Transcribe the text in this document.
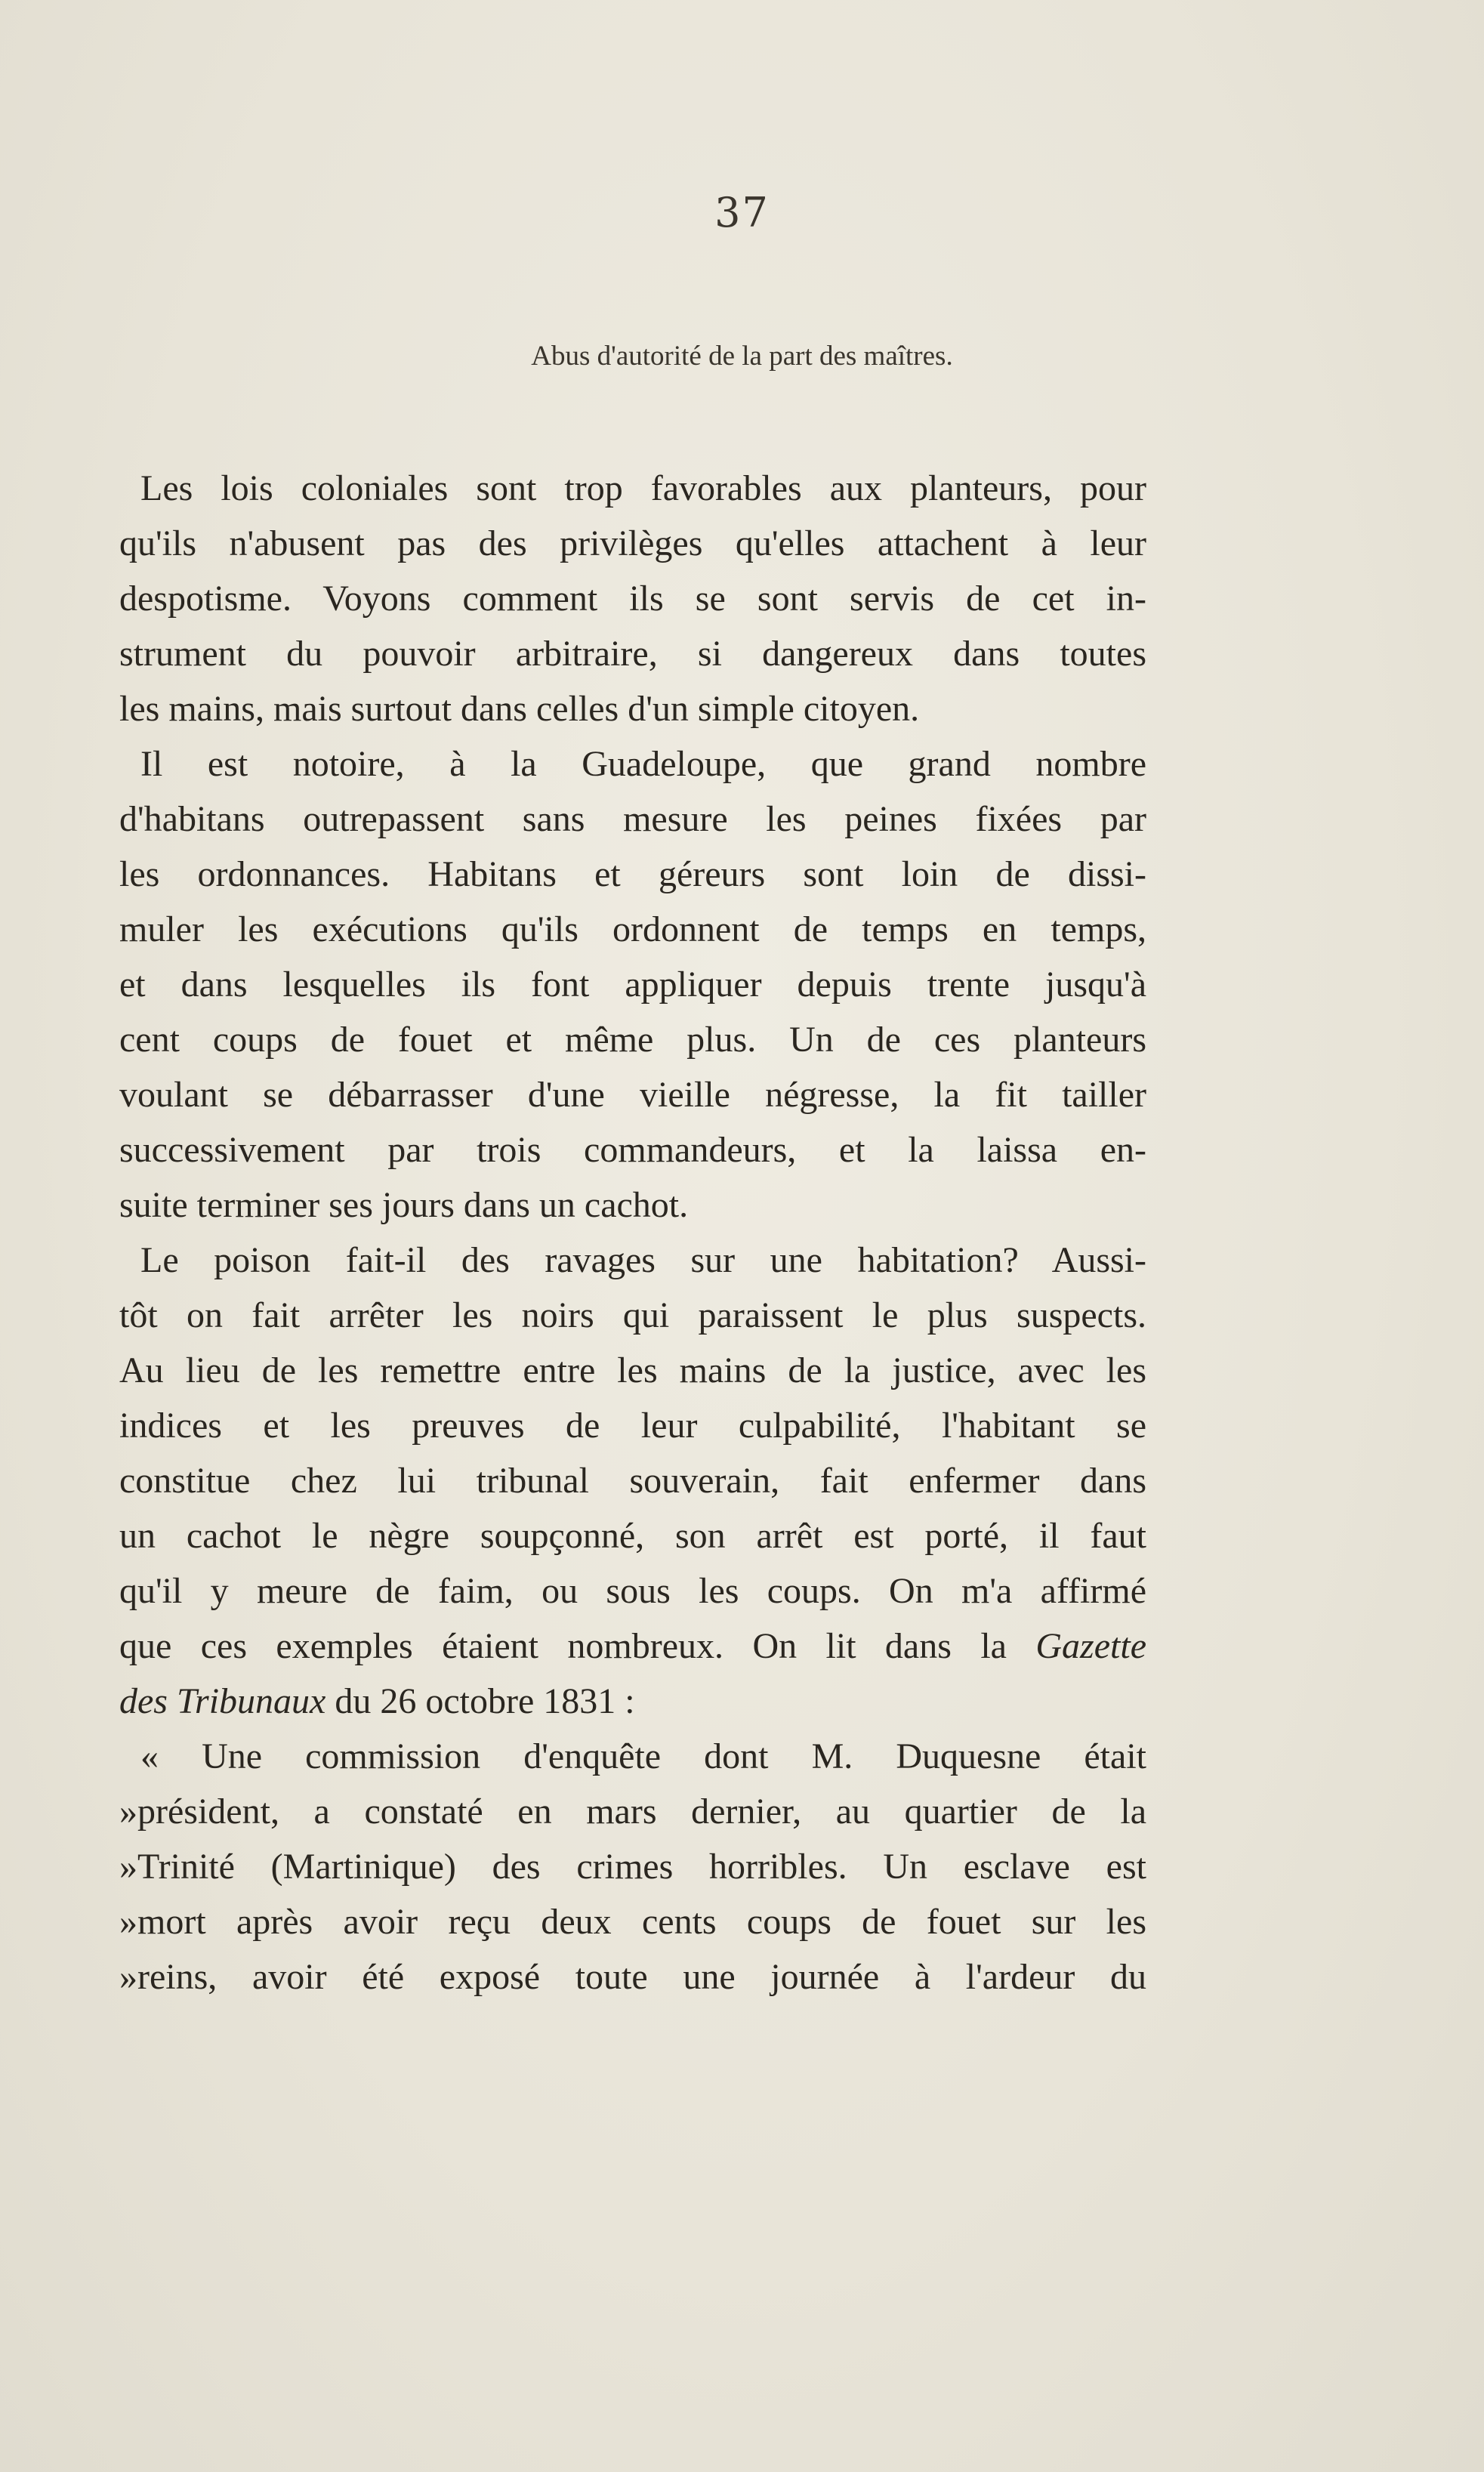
37
Abus d'autorité de la part des maîtres.
Les lois coloniales sont trop favorables aux planteurs, pour
qu'ils n'abusent pas des privilèges qu'elles attachent à leur
despotisme. Voyons comment ils se sont servis de cet in-
strument du pouvoir arbitraire, si dangereux dans toutes
les mains, mais surtout dans celles d'un simple citoyen.
Il est notoire, à la Guadeloupe, que grand nombre
d'habitans outrepassent sans mesure les peines fixées par
les ordonnances. Habitans et géreurs sont loin de dissi-
muler les exécutions qu'ils ordonnent de temps en temps,
et dans lesquelles ils font appliquer depuis trente jusqu'à
cent coups de fouet et même plus. Un de ces planteurs
voulant se débarrasser d'une vieille négresse, la fit tailler
successivement par trois commandeurs, et la laissa en-
suite terminer ses jours dans un cachot.
Le poison fait-il des ravages sur une habitation? Aussi-
tôt on fait arrêter les noirs qui paraissent le plus suspects.
Au lieu de les remettre entre les mains de la justice, avec les
indices et les preuves de leur culpabilité, l'habitant se
constitue chez lui tribunal souverain, fait enfermer dans
un cachot le nègre soupçonné, son arrêt est porté, il faut
qu'il y meure de faim, ou sous les coups. On m'a affirmé
que ces exemples étaient nombreux. On lit dans la Gazette
des Tribunaux du 26 octobre 1831 :
« Une commission d'enquête dont M. Duquesne était
»président, a constaté en mars dernier, au quartier de la
»Trinité (Martinique) des crimes horribles. Un esclave est
»mort après avoir reçu deux cents coups de fouet sur les
»reins, avoir été exposé toute une journée à l'ardeur du
